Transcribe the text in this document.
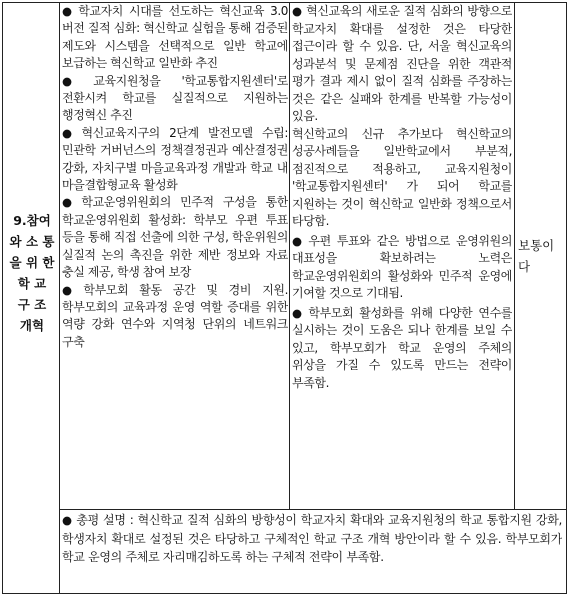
9.참여
와 소 통
을 위 한
학 교
구 조
개혁

● 학교자치 시대를 선도하는 혁신교육 3.0 버전 질적 심화: 혁신학교 실험을 통해 검증된 제도와 시스템을 선택적으로 일반 학교에 보급하는 혁신학교 일반화 추진

● 교육지원청을 '학교통합지원센터'로 전환시켜 학교를 실질적으로 지원하는 행정혁신 추진

● 혁신교육지구의 2단계 발전모델 수립: 민관학 거버넌스의 정책결정권과 예산결정권 강화, 자치구별 마을교육과정 개발과 학교 내 마을결합형교육 활성화

● 학교운영위원회의 민주적 구성을 통한 학교운영위원회 활성화: 학부모 우편 투표 등을 통해 직접 선출에 의한 구성, 학운위원의 실질적 논의 촉진을 위한 제반 정보와 자료 충실 제공, 학생 참여 보장

● 학부모회 활동 공간 및 경비 지원. 학부모회의 교육과정 운영 역할 증대를 위한 역량 강화 연수와 지역청 단위의 네트워크 구축

● 혁신교육의 새로운 질적 심화의 방향으로 학교자치 확대를 설정한 것은 타당한 접근이라 할 수 있음. 단, 서울 혁신교육의 성과분석 및 문제점 진단을 위한 객관적 평가 결과 제시 없이 질적 심화를 주장하는 것은 같은 실패와 한계를 반복할 가능성이 있음.

혁신학교의 신규 추가보다 혁신학교의 성공사례들을 일반학교에서 부분적, 점진적으로 적용하고, 교육지원청이 '학교통합지원센터' 가 되어 학교를 지원하는 것이 혁신학교 일반화 정책으로서 타당함.

● 우편 투표와 같은 방법으로 운영위원의 대표성을 확보하려는 노력은 학교운영위원회의 활성화와 민주적 운영에 기여할 것으로 기대됨.

● 학부모회 활성화를 위해 다양한 연수를 실시하는 것이 도움은 되나 한계를 보일 수 있고, 학부모회가 학교 운영의 주체의 위상을 가질 수 있도록 만드는 전략이 부족함.

보통이
다

● 총평 설명 : 혁신학교 질적 심화의 방향성이 학교자치 확대와 교육지원청의 학교 통합지원 강화, 학생자치 확대로 설정된 것은 타당하고 구체적인 학교 구조 개혁 방안이라 할 수 있음. 학부모회가 학교 운영의 주체로 자리매김하도록 하는 구체적 전략이 부족함.
